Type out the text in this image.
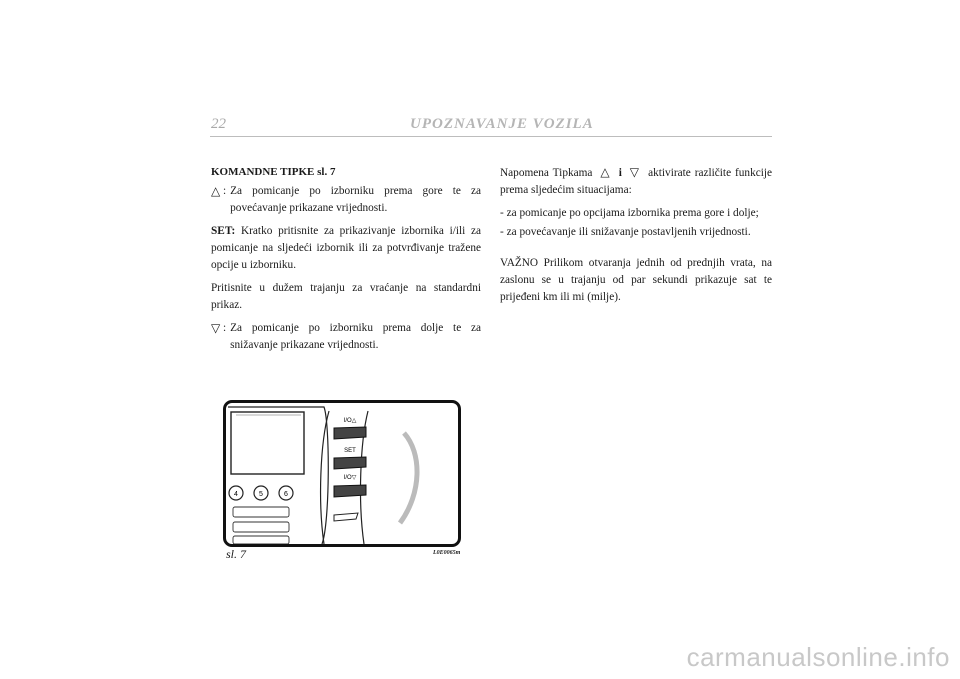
22	UPOZNAVANJE VOZILA
KOMANDNE TIPKE sl. 7
△ : Za pomicanje po izborniku prema gore te za povećavanje prikazane vrijednosti.
SET: Kratko pritisnite za prikazivanje izbornika i/ili za pomicanje na sljedeći izbornik ili za potvrđivanje tražene opcije u izborniku.
Pritisnite u dužem trajanju za vraćanje na standardni prikaz.
▽ : Za pomicanje po izborniku prema dolje te za snižavanje prikazane vrijednosti.
Napomena Tipkama △ i ▽ aktivirate različite funkcije prema sljedećim situacijama:
- za pomicanje po opcijama izbornika prema gore i dolje;
- za povećavanje ili snižavanje postavljenih vrijednosti.
VAŽNO Prilikom otvaranja jednih od prednjih vrata, na zaslonu se u trajanju od par sekundi prikazuje sat te prijeđeni km ili mi (milje).
4	5	6
I/O△
SET
I/O▽
sl. 7	L0E0065m
carmanualsonline.info
